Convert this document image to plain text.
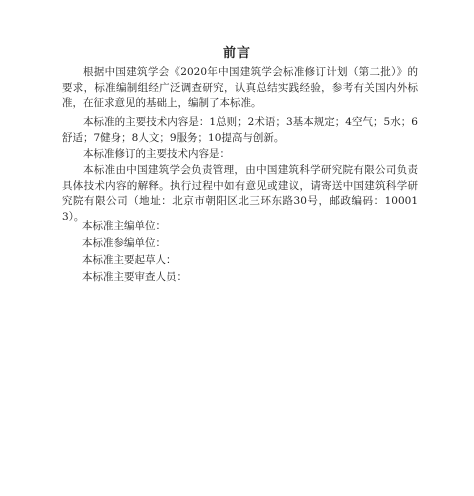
前言

根据中国建筑学会《2020年中国建筑学会标准修订计划（第二批）》的要求，标准编制组经广泛调查研究，认真总结实践经验，参考有关国内外标准，在征求意见的基础上，编制了本标准。

本标准的主要技术内容是：1总则；2术语；3基本规定；4空气；5水；6舒适；7健身；8人文；9服务；10提高与创新。

本标准修订的主要技术内容是：

本标准由中国建筑学会负责管理，由中国建筑科学研究院有限公司负责具体技术内容的解释。执行过程中如有意见或建议，请寄送中国建筑科学研究院有限公司（地址：北京市朝阳区北三环东路30号，邮政编码：100013）。

本标准主编单位：
本标准参编单位：
本标准主要起草人：
本标准主要审查人员：
